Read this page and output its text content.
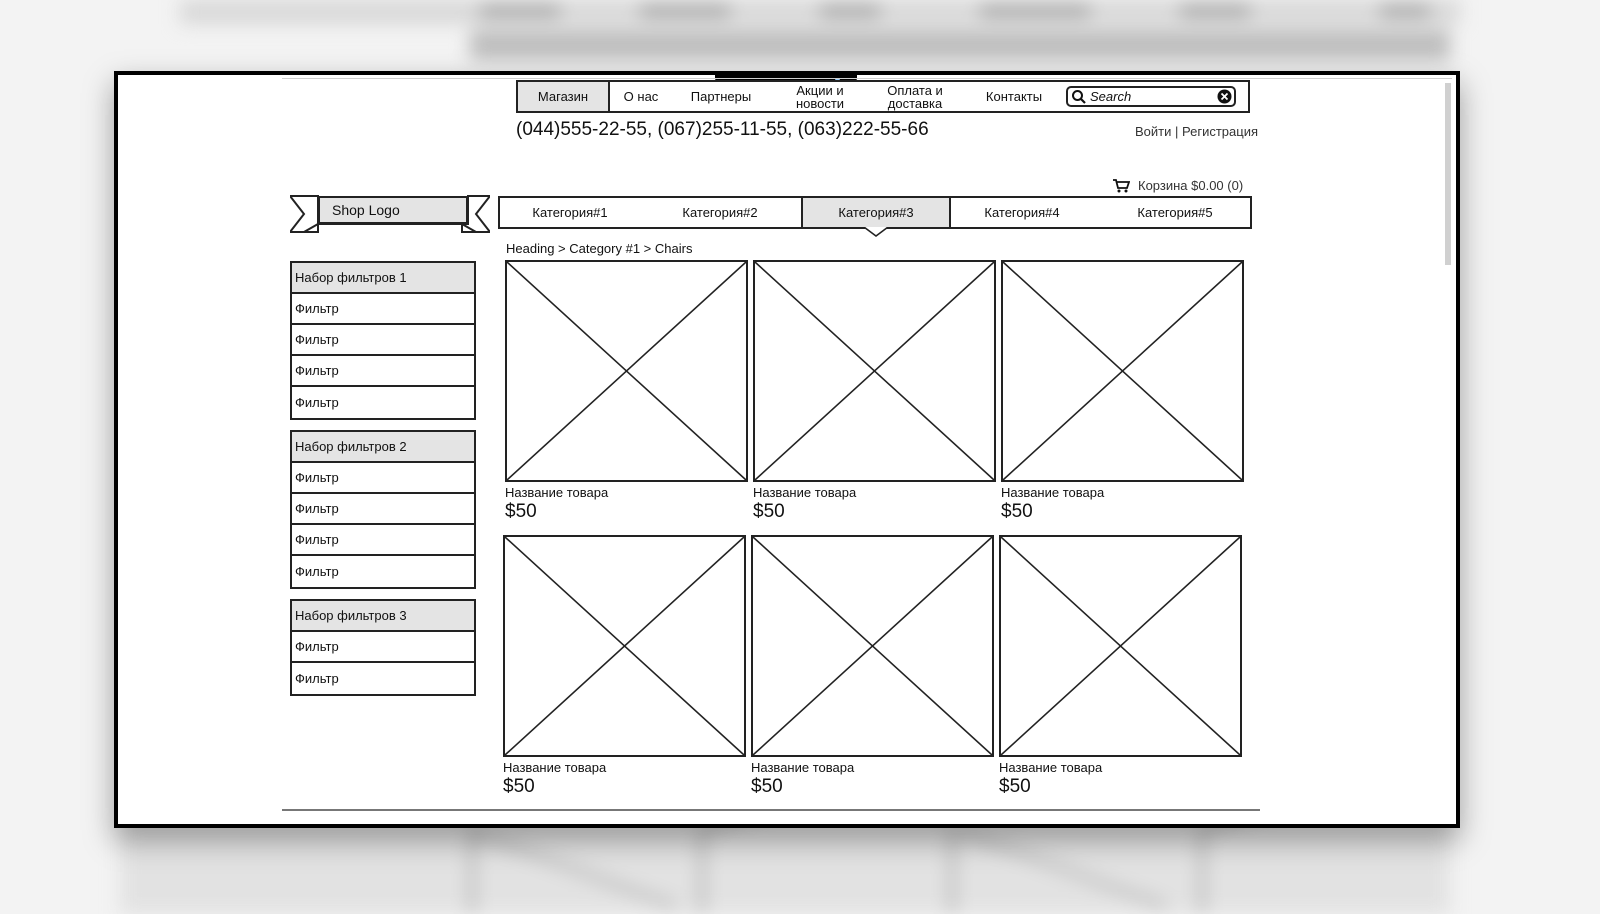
Магазин	О нас	Партнеры	Акции и новости
Оплата и доставка	Контакты	Search
(044)555-22-55, (067)255-11-55, (063)222-55-66	Войти | Регистрация
Корзина $0.00 (0)
Shop Logo	Категория#1	Категория#2	Категория#3	Категория#4	Категория#5
Heading > Category #1 > Chairs
Набор фильтров 1
Фильтр
Фильтр
Фильтр
Фильтр
Набор фильтров 2
Фильтр
Фильтр
Фильтр
Фильтр
Набор фильтров 3
Фильтр
Фильтр
Название товара
$50
Название товара
$50
Название товара
$50
Название товара
$50
Название товара
$50
Название товара
$50
